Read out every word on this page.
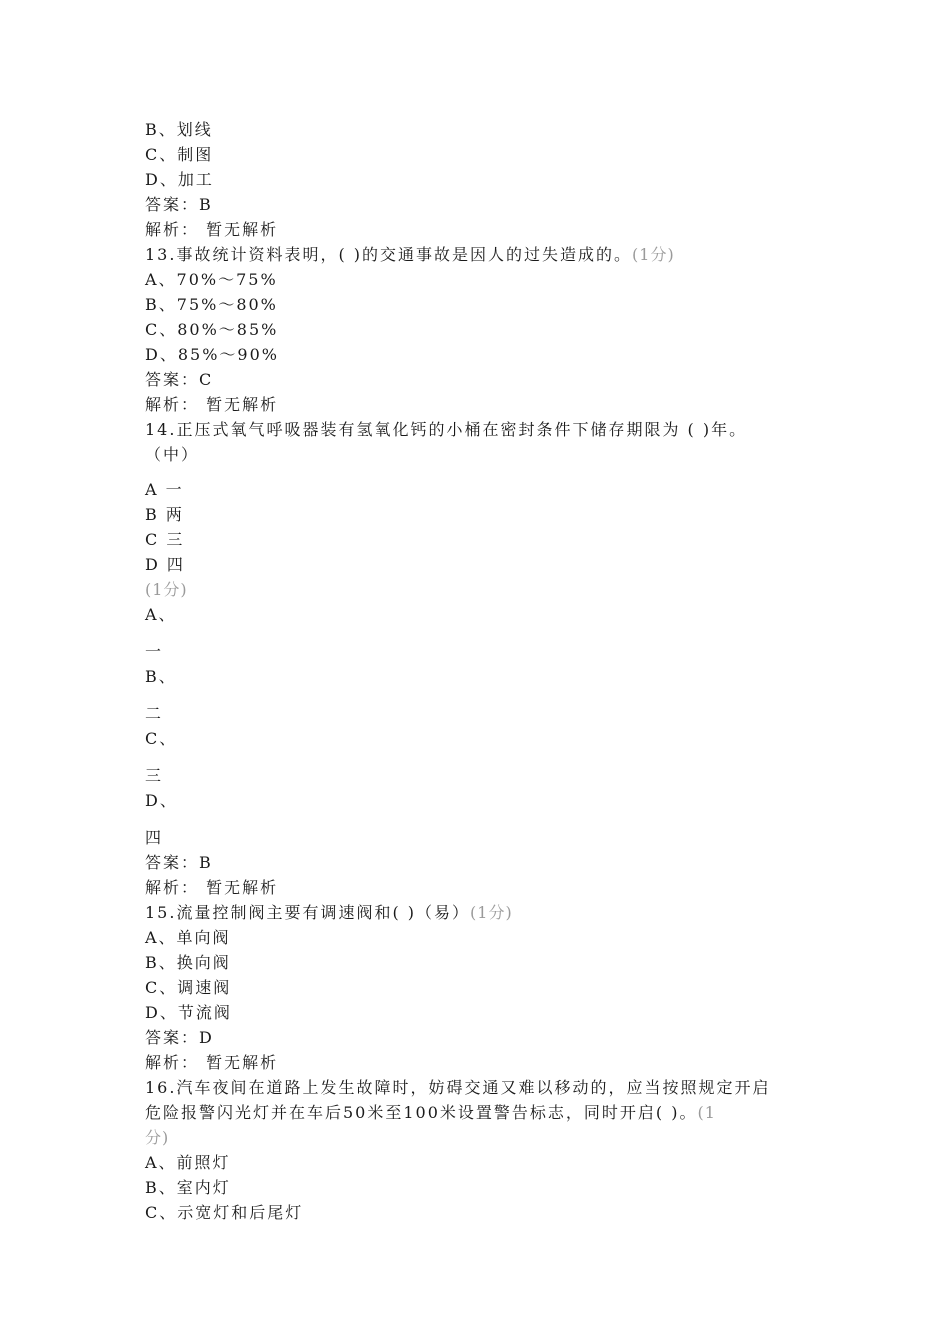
B、划线
C、制图
D、加工
答案：B
解析： 暂无解析
13.事故统计资料表明，( )的交通事故是因人的过失造成的。(1分)
A、70%～75%
B、75%～80%
C、80%～85%
D、85%～90%
答案：C
解析： 暂无解析
14.正压式氧气呼吸器装有氢氧化钙的小桶在密封条件下储存期限为 ( )年。
（中）
A 一
B 两
C 三
D 四
(1分)
A、
一
B、
二
C、
三
D、
四
答案：B
解析： 暂无解析
15.流量控制阀主要有调速阀和( )（易）(1分)
A、单向阀
B、换向阀
C、调速阀
D、节流阀
答案：D
解析： 暂无解析
16.汽车夜间在道路上发生故障时，妨碍交通又难以移动的，应当按照规定开启
危险报警闪光灯并在车后50米至100米设置警告标志，同时开启( )。(1
分)
A、前照灯
B、室内灯
C、示宽灯和后尾灯
